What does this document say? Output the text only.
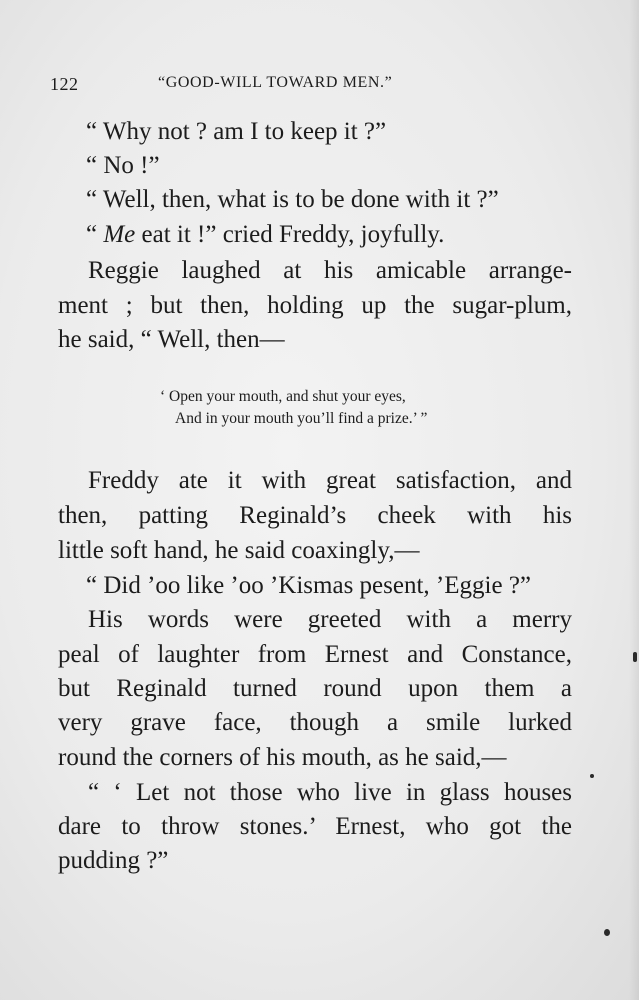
122	“GOOD-WILL TOWARD MEN.”
“ Why not ? am I to keep it ?”
“ No !”
“ Well, then, what is to be done with it ?”
“ Me eat it !” cried Freddy, joyfully.
Reggie laughed at his amicable arrange-
ment ; but then, holding up the sugar-plum,
he said, “ Well, then—
‘ Open your mouth, and shut your eyes,
And in your mouth you’ll find a prize.’ ”
Freddy ate it with great satisfaction, and
then, patting Reginald’s cheek with his
little soft hand, he said coaxingly,—
“ Did ’oo like ’oo ’Kismas pesent, ’Eggie ?”
His words were greeted with a merry
peal of laughter from Ernest and Constance,
but Reginald turned round upon them a
very grave face, though a smile lurked
round the corners of his mouth, as he said,—
“ ‘ Let not those who live in glass houses
dare to throw stones.’ Ernest, who got the
pudding ?”
